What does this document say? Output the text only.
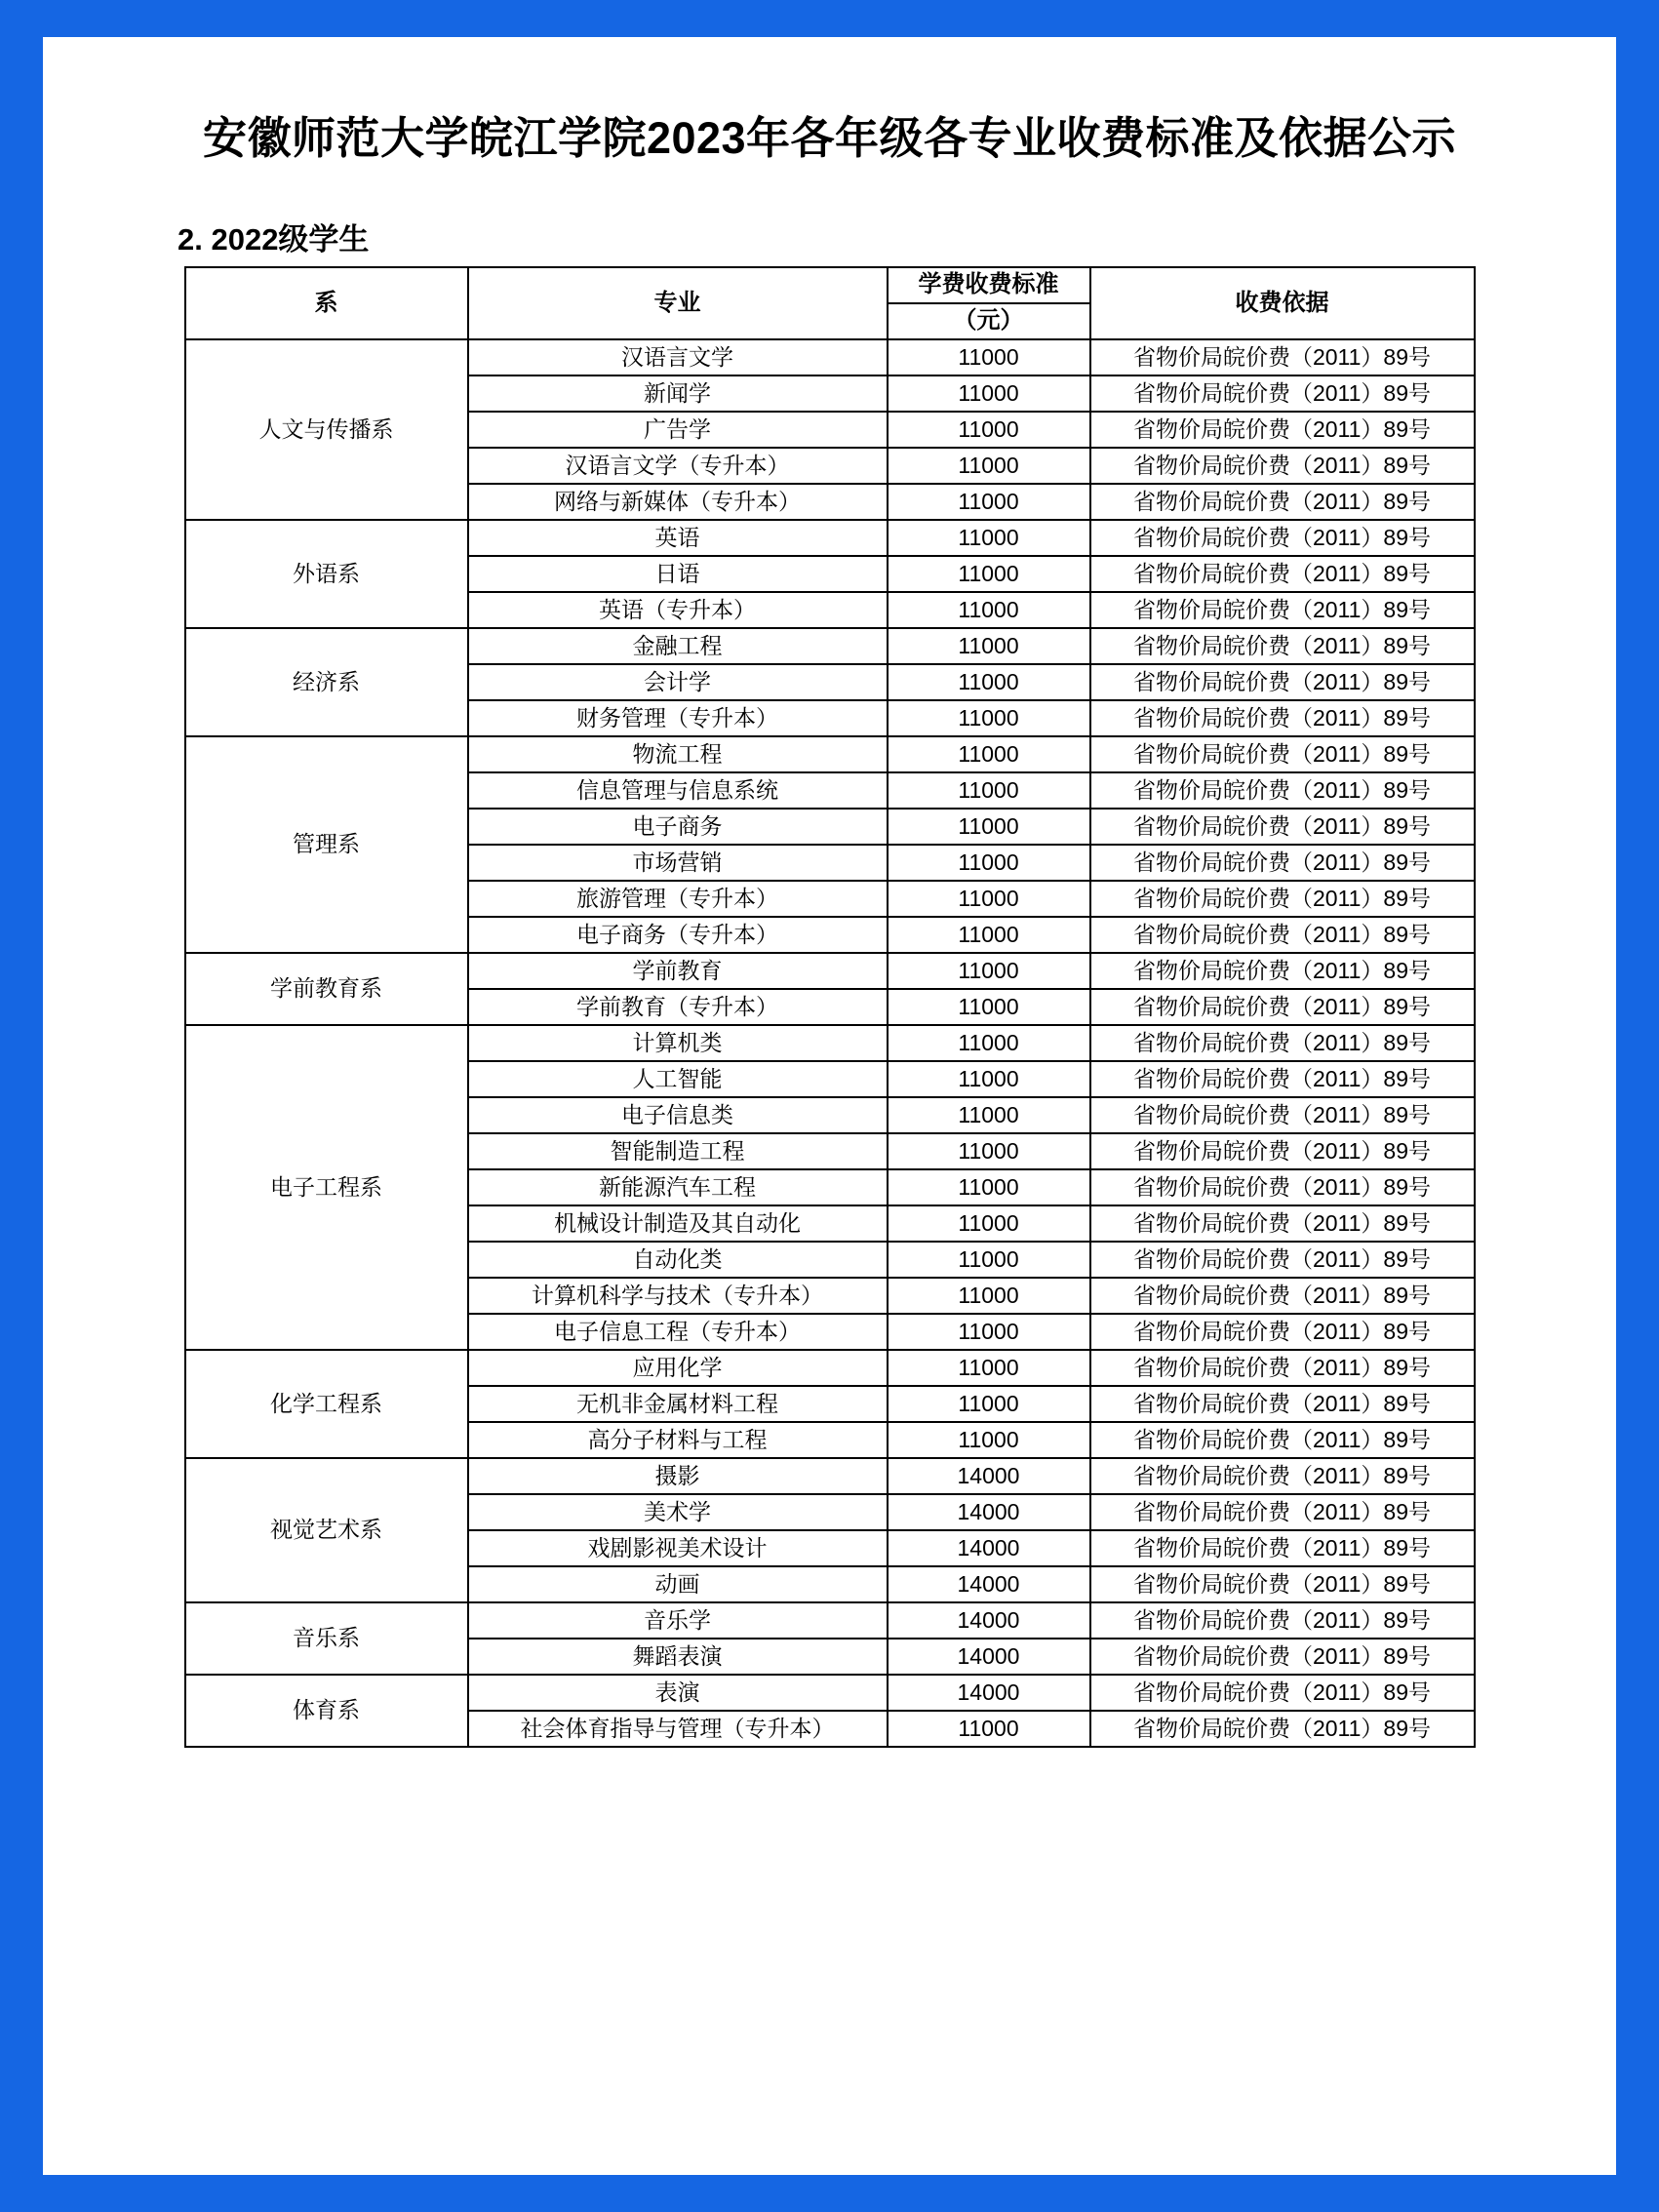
安徽师范大学皖江学院2023年各年级各专业收费标准及依据公示
2. 2022级学生
系	专业	学费收费标准	收费依据
		（元）	
人文与传播系	汉语言文学	11000	省物价局皖价费（2011）89号
	新闻学	11000	省物价局皖价费（2011）89号
	广告学	11000	省物价局皖价费（2011）89号
	汉语言文学（专升本）	11000	省物价局皖价费（2011）89号
	网络与新媒体（专升本）	11000	省物价局皖价费（2011）89号
外语系	英语	11000	省物价局皖价费（2011）89号
	日语	11000	省物价局皖价费（2011）89号
	英语（专升本）	11000	省物价局皖价费（2011）89号
经济系	金融工程	11000	省物价局皖价费（2011）89号
	会计学	11000	省物价局皖价费（2011）89号
	财务管理（专升本）	11000	省物价局皖价费（2011）89号
管理系	物流工程	11000	省物价局皖价费（2011）89号
	信息管理与信息系统	11000	省物价局皖价费（2011）89号
	电子商务	11000	省物价局皖价费（2011）89号
	市场营销	11000	省物价局皖价费（2011）89号
	旅游管理（专升本）	11000	省物价局皖价费（2011）89号
	电子商务（专升本）	11000	省物价局皖价费（2011）89号
学前教育系	学前教育	11000	省物价局皖价费（2011）89号
	学前教育（专升本）	11000	省物价局皖价费（2011）89号
电子工程系	计算机类	11000	省物价局皖价费（2011）89号
	人工智能	11000	省物价局皖价费（2011）89号
	电子信息类	11000	省物价局皖价费（2011）89号
	智能制造工程	11000	省物价局皖价费（2011）89号
	新能源汽车工程	11000	省物价局皖价费（2011）89号
	机械设计制造及其自动化	11000	省物价局皖价费（2011）89号
	自动化类	11000	省物价局皖价费（2011）89号
	计算机科学与技术（专升本）	11000	省物价局皖价费（2011）89号
	电子信息工程（专升本）	11000	省物价局皖价费（2011）89号
化学工程系	应用化学	11000	省物价局皖价费（2011）89号
	无机非金属材料工程	11000	省物价局皖价费（2011）89号
	高分子材料与工程	11000	省物价局皖价费（2011）89号
视觉艺术系	摄影	14000	省物价局皖价费（2011）89号
	美术学	14000	省物价局皖价费（2011）89号
	戏剧影视美术设计	14000	省物价局皖价费（2011）89号
	动画	14000	省物价局皖价费（2011）89号
音乐系	音乐学	14000	省物价局皖价费（2011）89号
	舞蹈表演	14000	省物价局皖价费（2011）89号
体育系	表演	14000	省物价局皖价费（2011）89号
	社会体育指导与管理（专升本）	11000	省物价局皖价费（2011）89号
